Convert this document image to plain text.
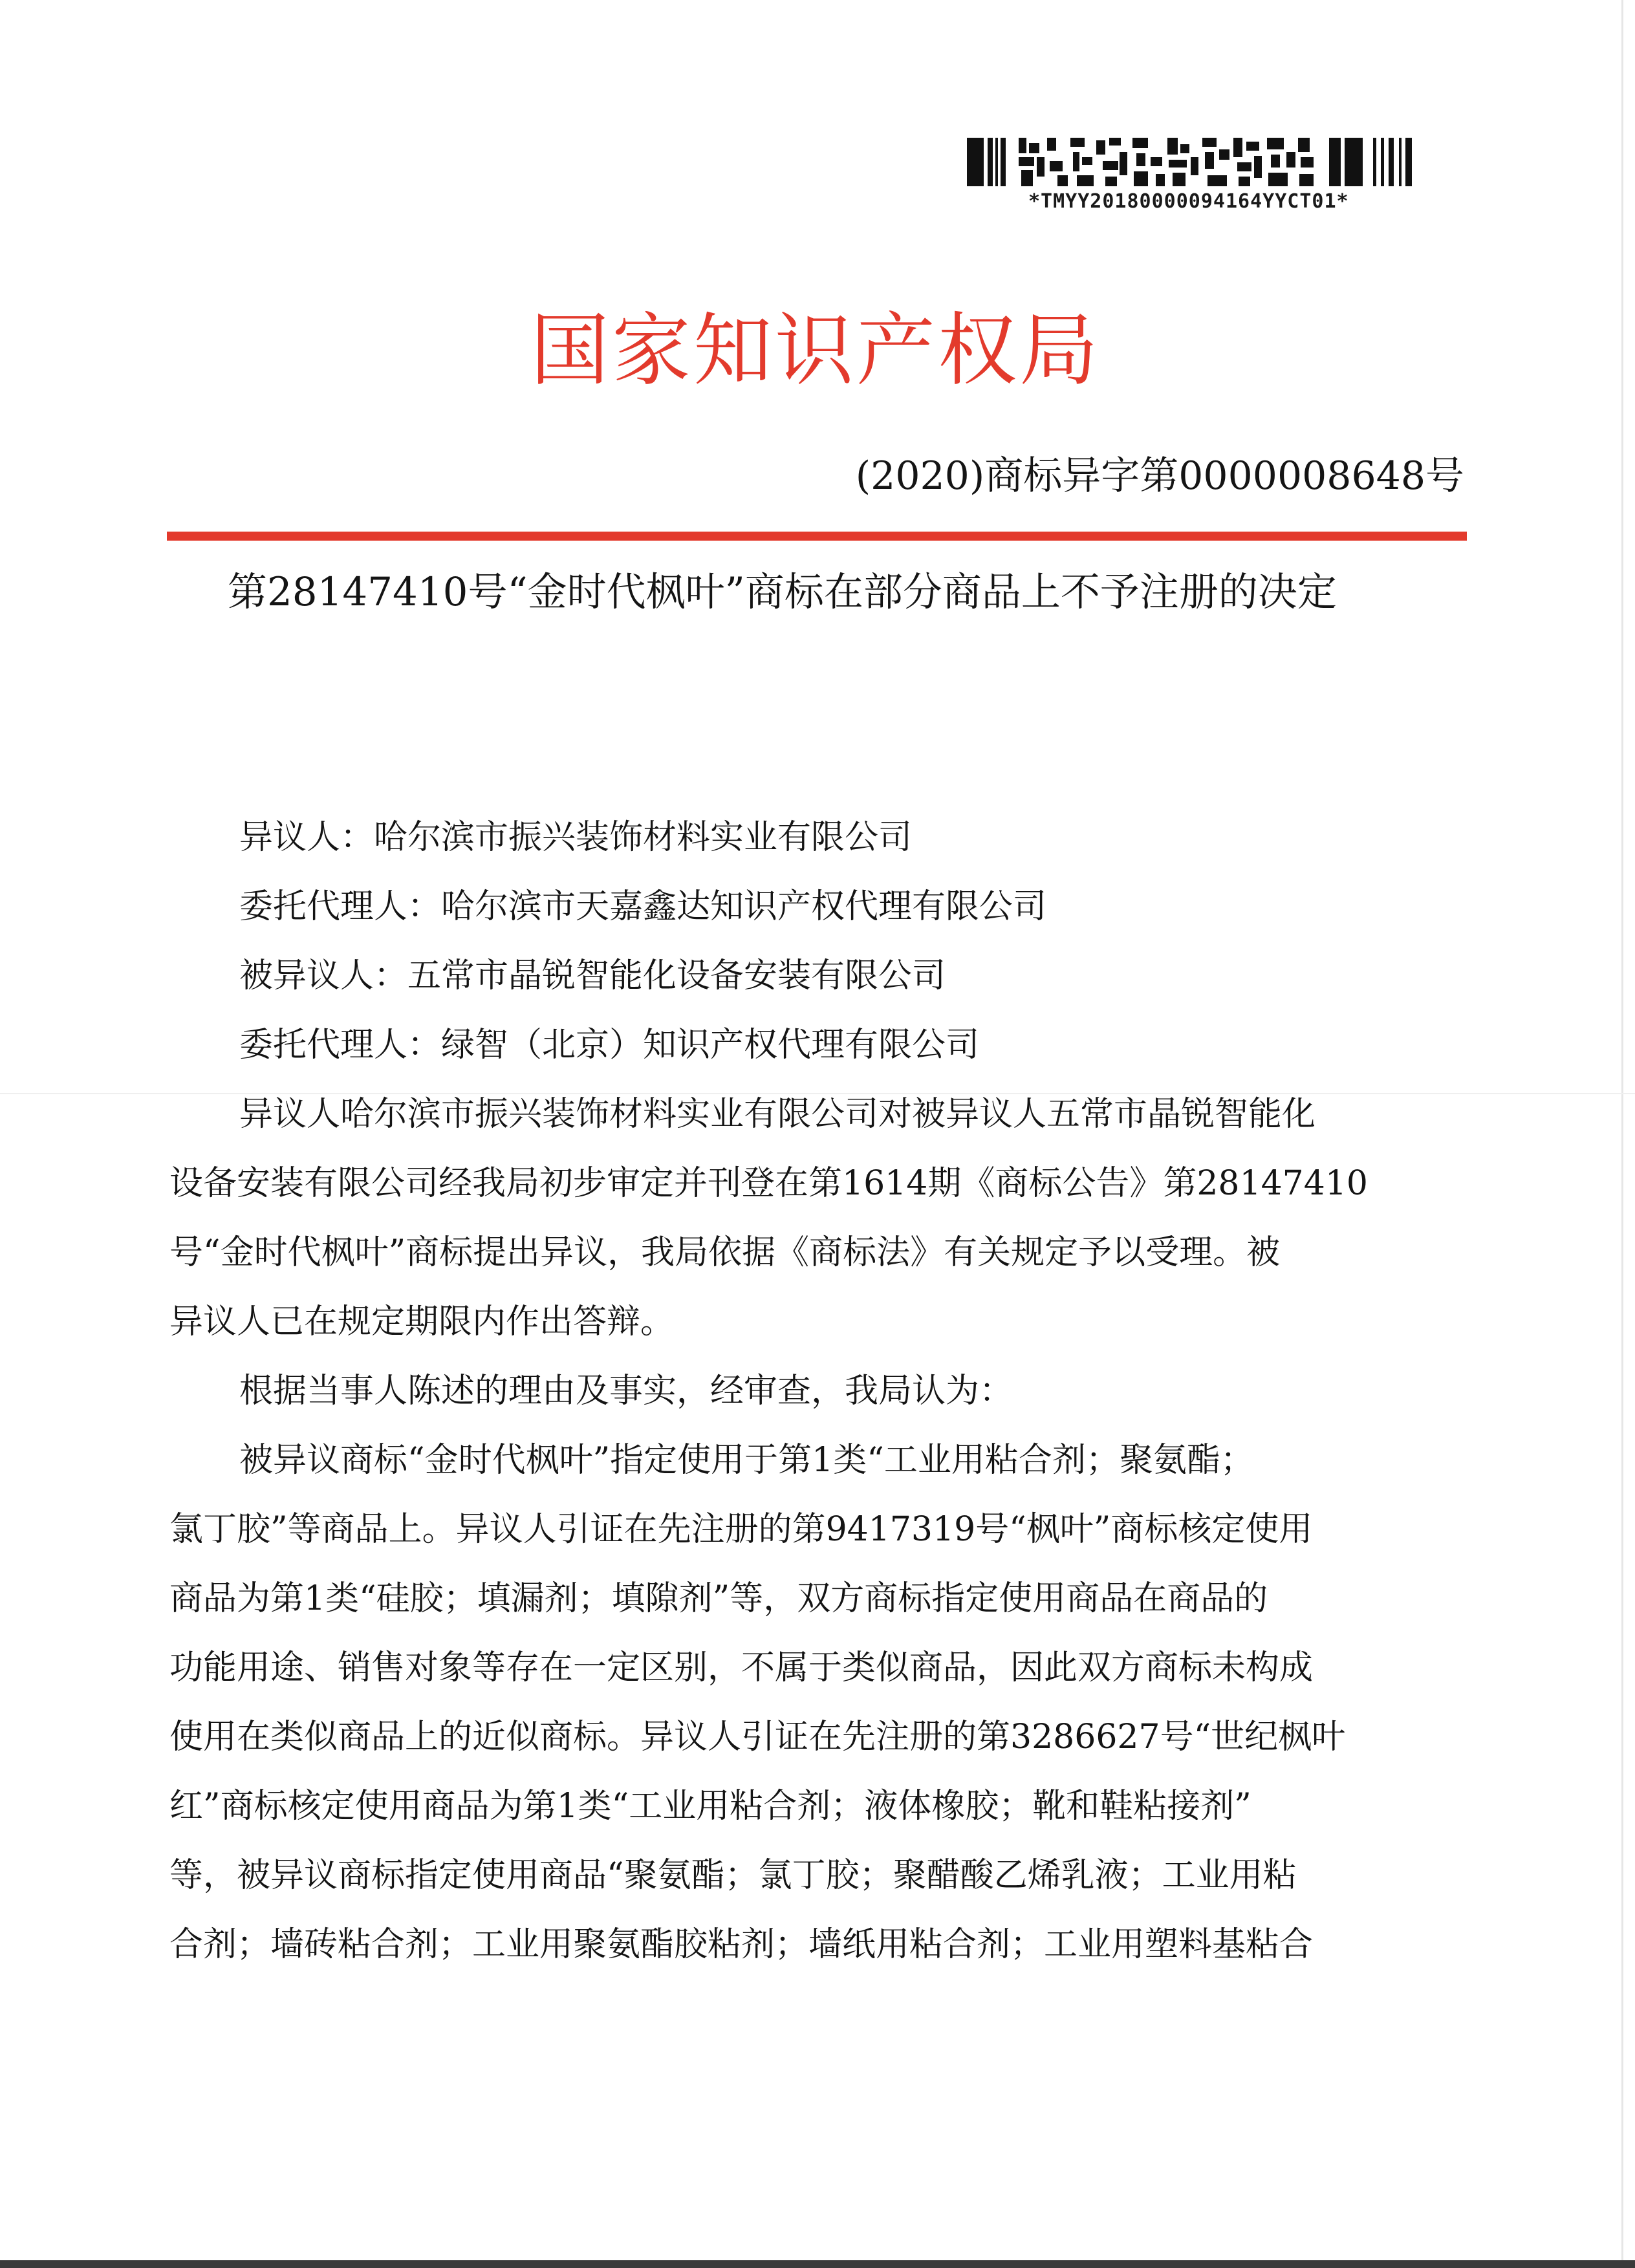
*TMYY20180000094164YYCT01*
国家知识产权局
(2020)商标异字第0000008648号
第28147410号“金时代枫叶”商标在部分商品上不予注册的决定
异议人：哈尔滨市振兴装饰材料实业有限公司
委托代理人：哈尔滨市天嘉鑫达知识产权代理有限公司
被异议人：五常市晶锐智能化设备安装有限公司
委托代理人：绿智（北京）知识产权代理有限公司
异议人哈尔滨市振兴装饰材料实业有限公司对被异议人五常市晶锐智能化
设备安装有限公司经我局初步审定并刊登在第1614期《商标公告》第28147410
号“金时代枫叶”商标提出异议，我局依据《商标法》有关规定予以受理。被
异议人已在规定期限内作出答辩。
根据当事人陈述的理由及事实，经审查，我局认为：
被异议商标“金时代枫叶”指定使用于第1类“工业用粘合剂；聚氨酯；
氯丁胶”等商品上。异议人引证在先注册的第9417319号“枫叶”商标核定使用
商品为第1类“硅胶；填漏剂；填隙剂”等，双方商标指定使用商品在商品的
功能用途、销售对象等存在一定区别，不属于类似商品，因此双方商标未构成
使用在类似商品上的近似商标。异议人引证在先注册的第3286627号“世纪枫叶
红”商标核定使用商品为第1类“工业用粘合剂；液体橡胶；靴和鞋粘接剂”
等，被异议商标指定使用商品“聚氨酯；氯丁胶；聚醋酸乙烯乳液；工业用粘
合剂；墙砖粘合剂；工业用聚氨酯胶粘剂；墙纸用粘合剂；工业用塑料基粘合
